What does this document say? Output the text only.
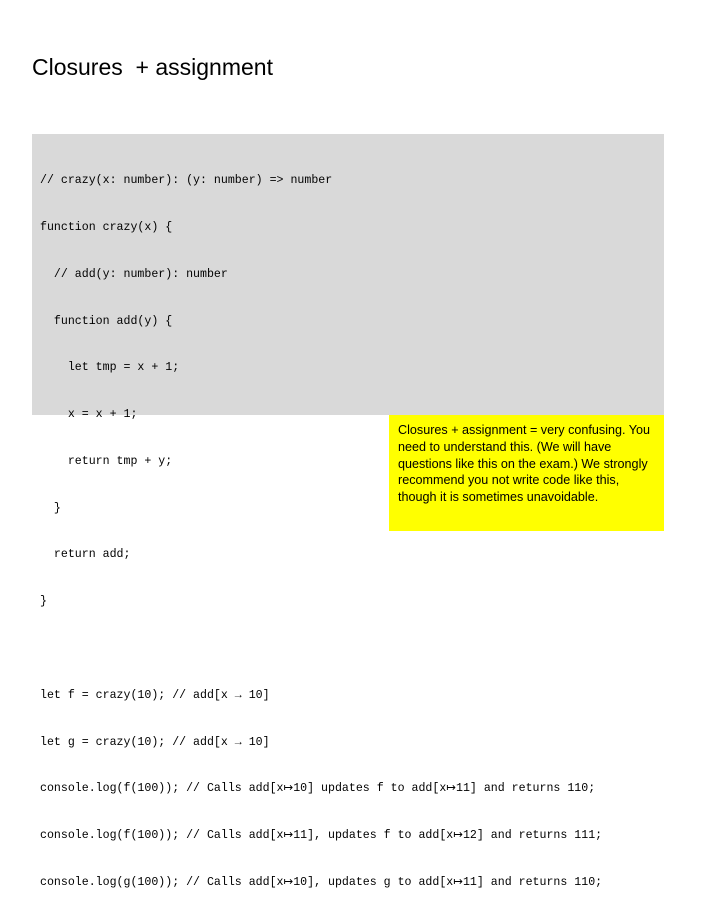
Closures  + assignment

// crazy(x: number): (y: number) => number

function crazy(x) {

// add(y: number): number

function add(y) {

let tmp = x + 1;

x = x + 1;

return tmp + y;

}

return add;

}

let f = crazy(10); // add[x → 10]

let g = crazy(10); // add[x → 10]

console.log(f(100)); // Calls add[x↦10] updates f to add[x↦11] and returns 110;

console.log(f(100)); // Calls add[x↦11], updates f to add[x↦12] and returns 111;

console.log(g(100)); // Calls add[x↦10], updates g to add[x↦11] and returns 110;

Closures + assignment = very confusing. You need to understand this. (We will have questions like this on the exam.) We strongly recommend you not write code like this, though it is sometimes unavoidable.
